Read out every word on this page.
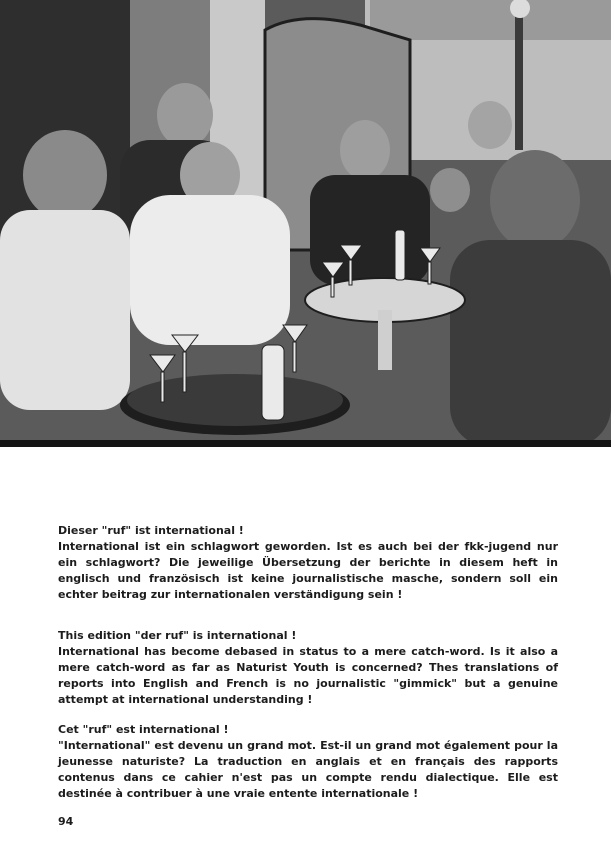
Dieser "ruf" ist international !
International ist ein schlagwort geworden. Ist es auch bei der fkk-jugend nur ein schlagwort? Die jeweilige Übersetzung der berichte in diesem heft in englisch und französisch ist keine journalistische masche, sondern soll ein echter beitrag zur internationalen verständigung sein !
This edition "der ruf" is international !
International has become debased in status to a mere catch-word. Is it also a mere catch-word as far as Naturist Youth is concerned? Thes translations of reports into English and French is no journalistic "gimmick" but a genuine attempt at international understanding !
Cet "ruf" est international !
"International" est devenu un grand mot. Est-il un grand mot également pour la jeunesse naturiste? La traduction en anglais et en français des rapports contenus dans ce cahier n'est pas un compte rendu dialectique. Elle est destinée à contribuer à une vraie entente internationale !
94
